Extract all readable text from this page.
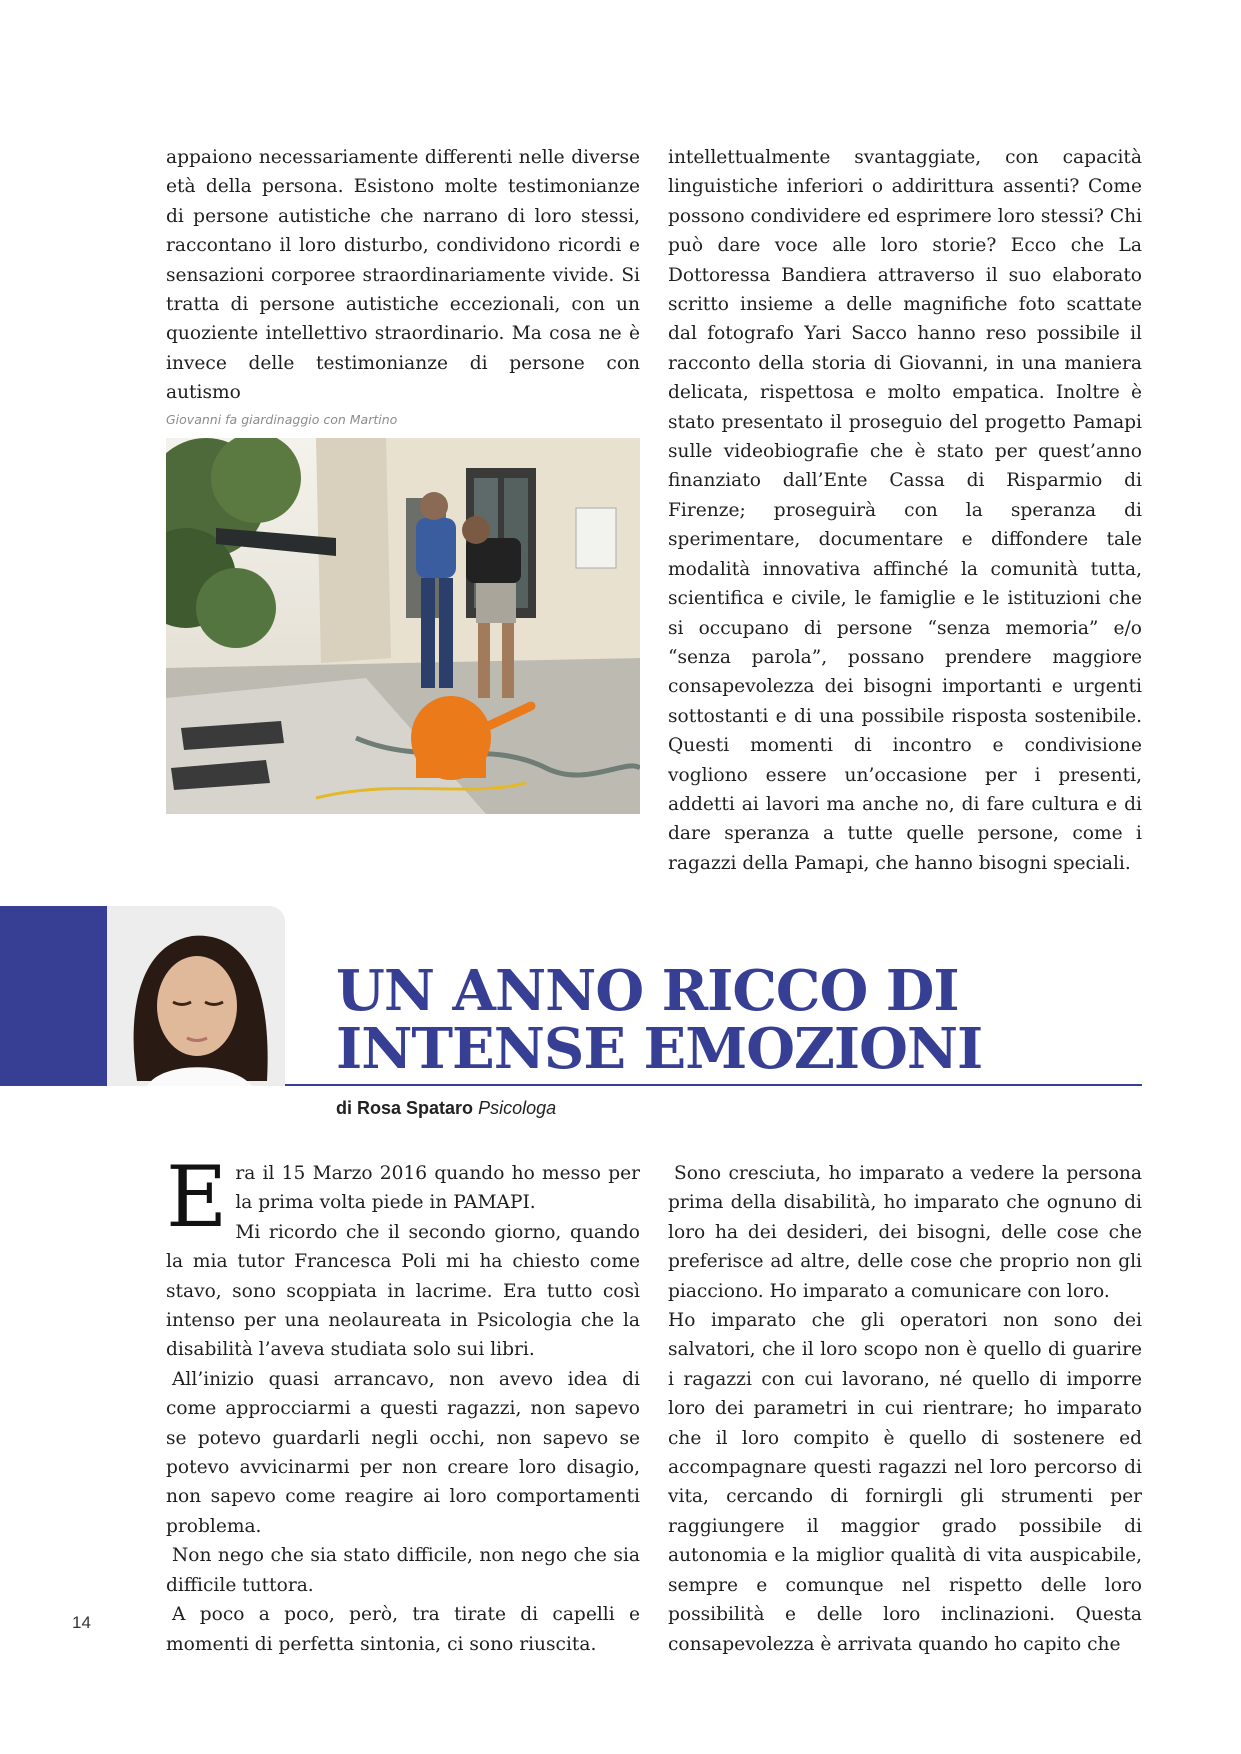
appaiono necessariamente differenti nelle diverse età della persona. Esistono molte testimonianze di persone autistiche che narrano di loro stessi, raccontano il loro disturbo, condividono ricordi e sensazioni corporee straordinariamente vivide. Si tratta di persone autistiche eccezionali, con un quoziente intellettivo straordinario. Ma cosa ne è invece delle testimonianze di persone con autismo

Giovanni fa giardinaggio con Martino

intellettualmente svantaggiate, con capacità linguistiche inferiori o addirittura assenti? Come possono condividere ed esprimere loro stessi? Chi può dare voce alle loro storie? Ecco che La Dottoressa Bandiera attraverso il suo elaborato scritto insieme a delle magnifiche foto scattate dal fotografo Yari Sacco hanno reso possibile il racconto della storia di Giovanni, in una maniera delicata, rispettosa e molto empatica. Inoltre è stato presentato il proseguio del progetto Pamapi sulle videobiografie che è stato per quest’anno finanziato dall’Ente Cassa di Risparmio di Firenze; proseguirà con la speranza di sperimentare, documentare e diffondere tale modalità innovativa affinché la comunità tutta, scientifica e civile, le famiglie e le istituzioni che si occupano di persone “senza memoria” e/o “senza parola”, possano prendere maggiore consapevolezza dei bisogni importanti e urgenti sottostanti e di una possibile risposta sostenibile. Questi momenti di incontro e condivisione vogliono essere un’occasione per i presenti, addetti ai lavori ma anche no, di fare cultura e di dare speranza a tutte quelle persone, come i ragazzi della Pamapi, che hanno bisogni speciali.

UN ANNO RICCO DI
INTENSE EMOZIONI
di Rosa Spataro Psicologa

Era il 15 Marzo 2016 quando ho messo per la prima volta piede in PAMAPI.

Mi ricordo che il secondo giorno, quando la mia tutor Francesca Poli mi ha chiesto come stavo, sono scoppiata in lacrime. Era tutto così intenso per una neolaureata in Psicologia che la disabilità l’aveva studiata solo sui libri.

All’inizio quasi arrancavo, non avevo idea di come approcciarmi a questi ragazzi, non sapevo se potevo guardarli negli occhi, non sapevo se potevo avvicinarmi per non creare loro disagio, non sapevo come reagire ai loro comportamenti problema.

Non nego che sia stato difficile, non nego che sia difficile tuttora.

A poco a poco, però, tra tirate di capelli e momenti di perfetta sintonia, ci sono riuscita.

Sono cresciuta, ho imparato a vedere la persona prima della disabilità, ho imparato che ognuno di loro ha dei desideri, dei bisogni, delle cose che preferisce ad altre, delle cose che proprio non gli piacciono. Ho imparato a comunicare con loro.

Ho imparato che gli operatori non sono dei salvatori, che il loro scopo non è quello di guarire i ragazzi con cui lavorano, né quello di imporre loro dei parametri in cui rientrare; ho imparato che il loro compito è quello di sostenere ed accompagnare questi ragazzi nel loro percorso di vita, cercando di fornirgli gli strumenti per raggiungere il maggior grado possibile di autonomia e la miglior qualità di vita auspicabile, sempre e comunque nel rispetto delle loro possibilità e delle loro inclinazioni. Questa consapevolezza è arrivata quando ho capito che

14
